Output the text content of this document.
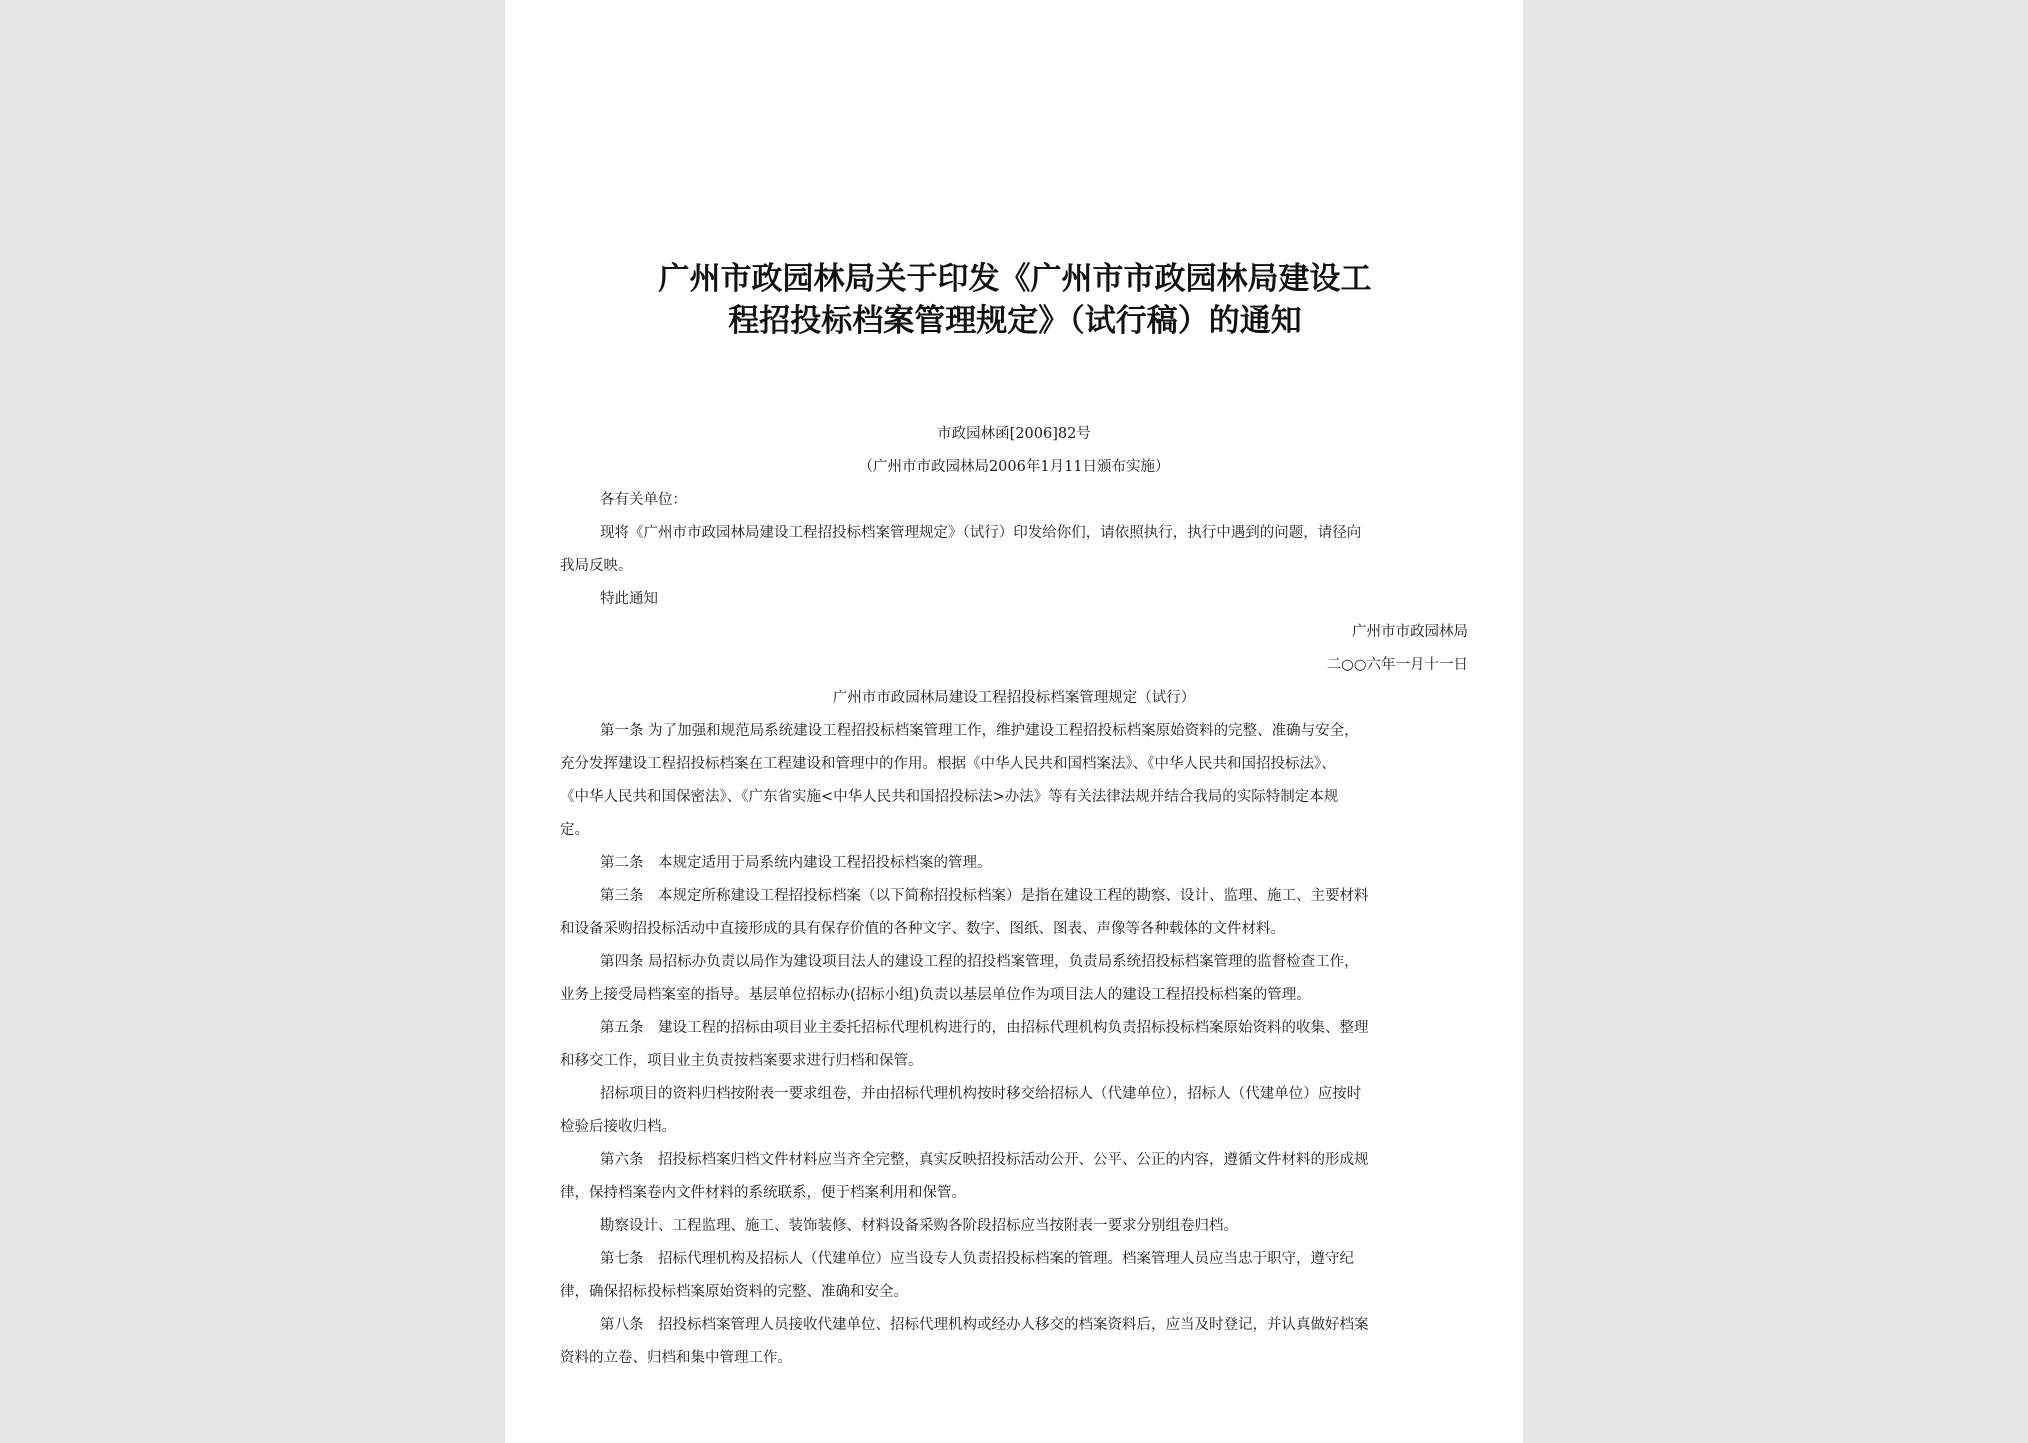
广州市政园林局关于印发《广州市市政园林局建设工
程招投标档案管理规定》（试行稿）的通知
市政园林函[2006]82号
（广州市市政园林局2006年1月11日颁布实施）
各有关单位：
现将《广州市市政园林局建设工程招投标档案管理规定》（试行）印发给你们，请依照执行，执行中遇到的问题，请径向
我局反映。
特此通知
广州市市政园林局
二○○六年一月十一日
广州市市政园林局建设工程招投标档案管理规定（试行）
第一条 为了加强和规范局系统建设工程招投标档案管理工作，维护建设工程招投标档案原始资料的完整、准确与安全，
充分发挥建设工程招投标档案在工程建设和管理中的作用。根据《中华人民共和国档案法》、《中华人民共和国招投标法》、
《中华人民共和国保密法》、《广东省实施<中华人民共和国招投标法>办法》等有关法律法规并结合我局的实际特制定本规
定。
第二条　本规定适用于局系统内建设工程招投标档案的管理。
第三条　本规定所称建设工程招投标档案（以下简称招投标档案）是指在建设工程的勘察、设计、监理、施工、主要材料
和设备采购招投标活动中直接形成的具有保存价值的各种文字、数字、图纸、图表、声像等各种载体的文件材料。
第四条 局招标办负责以局作为建设项目法人的建设工程的招投档案管理，负责局系统招投标档案管理的监督检查工作，
业务上接受局档案室的指导。基层单位招标办(招标小组)负责以基层单位作为项目法人的建设工程招投标档案的管理。
第五条　建设工程的招标由项目业主委托招标代理机构进行的，由招标代理机构负责招标投标档案原始资料的收集、整理
和移交工作，项目业主负责按档案要求进行归档和保管。
招标项目的资料归档按附表一要求组卷，并由招标代理机构按时移交给招标人（代建单位），招标人（代建单位）应按时
检验后接收归档。
第六条　招投标档案归档文件材料应当齐全完整，真实反映招投标活动公开、公平、公正的内容，遵循文件材料的形成规
律，保持档案卷内文件材料的系统联系，便于档案利用和保管。
勘察设计、工程监理、施工、装饰装修、材料设备采购各阶段招标应当按附表一要求分别组卷归档。
第七条　招标代理机构及招标人（代建单位）应当设专人负责招投标档案的管理。档案管理人员应当忠于职守，遵守纪
律，确保招标投标档案原始资料的完整、准确和安全。
第八条　招投标档案管理人员接收代建单位、招标代理机构或经办人移交的档案资料后，应当及时登记，并认真做好档案
资料的立卷、归档和集中管理工作。
